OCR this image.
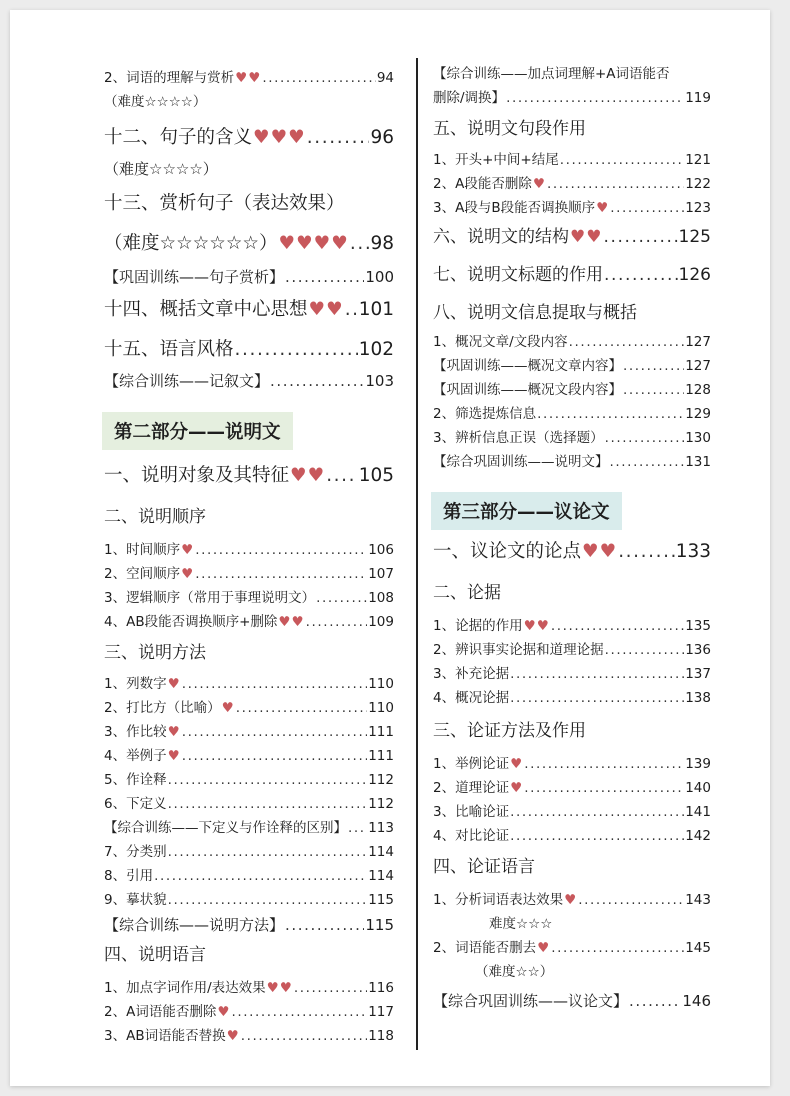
2、词语的理解与赏析 ♥♥ .....	94
（难度☆☆☆☆）
十二、句子的含义 ♥♥♥ .....	96
（难度☆☆☆☆）
十三、赏析句子（表达效果）
（难度☆☆☆☆☆☆） ♥♥♥♥ ..... 98
【巩固训练——句子赏析】 .....	100
十四、概括文章中心思想 ♥♥ ..... 101
十五、语言风格 .....	102
【综合训练——记叙文】 .....	103
第二部分——说明文
一、说明对象及其特征 ♥♥ ..... 105
二、说明顺序
1、时间顺序 ♥ .....	106
2、空间顺序 ♥ .....	107
3、逻辑顺序（常用于事理说明文） .....	108
4、AB段能否调换顺序+删除 ♥♥ .....	109
三、说明方法
1、列数字 ♥ .....	110
2、打比方（比喻） ♥ .....	110
3、作比较 ♥ .....	111
4、举例子 ♥ .....	111
5、作诠释 .....	112
6、下定义 .....	112
【综合训练——下定义与作诠释的区别】 ..... 113
7、分类别 .....	114
8、引用 .....	114
9、摹状貌 .....	115
【综合训练——说明方法】 .....	115
四、说明语言
1、加点字词作用/表达效果 ♥♥ .....	116
2、A词语能否删除 ♥ .....	117
3、AB词语能否替换 ♥ .....	118
【综合训练——加点词理解+A词语能否
删除/调换】 .....	119
五、说明文句段作用
1、开头+中间+结尾 .....	121
2、A段能否删除 ♥ .....	122
3、A段与B段能否调换顺序 ♥ .....	123
六、说明文的结构 ♥♥ .....	125
七、说明文标题的作用 .....	126
八、说明文信息提取与概括
1、概况文章/文段内容 .....	127
【巩固训练——概况文章内容】 .....	127
【巩固训练——概况文段内容】 .....	128
2、筛选提炼信息 .....	129
3、辨析信息正误（选择题） .....	130
【综合巩固训练——说明文】 .....	131
第三部分——议论文
一、议论文的论点 ♥♥ .....	133
二、论据
1、论据的作用 ♥♥ .....	135
2、辨识事实论据和道理论据 .....	136
3、补充论据 .....	137
4、概况论据 .....	138
三、论证方法及作用
1、举例论证 ♥ .....	139
2、道理论证 ♥ .....	140
3、比喻论证 .....	141
4、对比论证 .....	142
四、论证语言
1、分析词语表达效果 ♥ .....	143
难度☆☆☆
2、词语能否删去 ♥ .....	145
（难度☆☆）
【综合巩固训练——议论文】 .....	146
